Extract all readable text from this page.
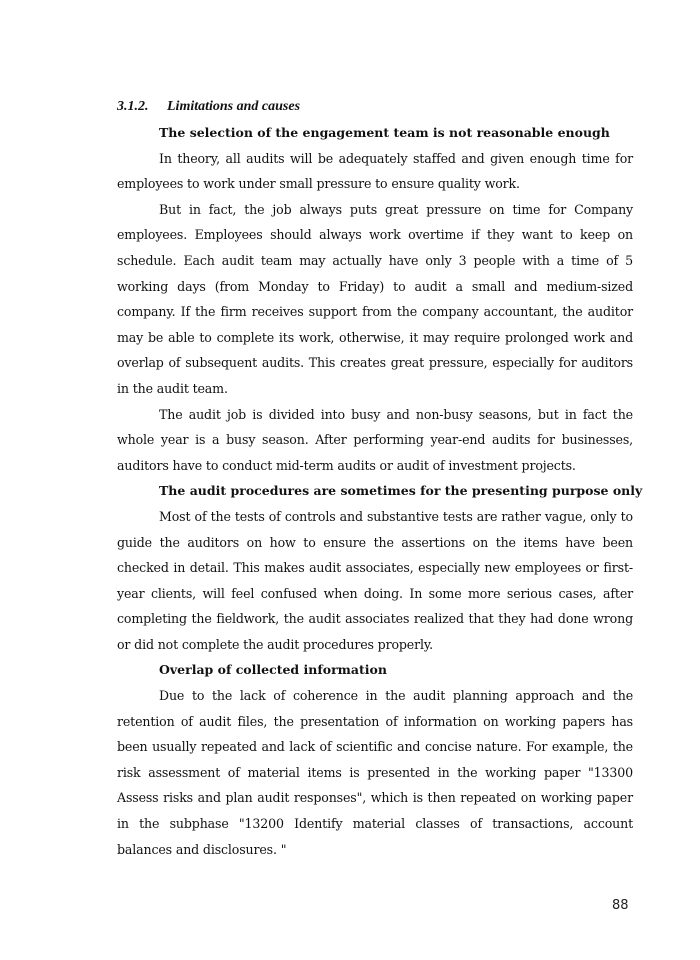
3.1.2. Limitations and causes

The selection of the engagement team is not reasonable enough

In theory, all audits will be adequately staffed and given enough time for employees to work under small pressure to ensure quality work.

But in fact, the job always puts great pressure on time for Company employees. Employees should always work overtime if they want to keep on schedule. Each audit team may actually have only 3 people with a time of 5 working days (from Monday to Friday) to audit a small and medium-sized company. If the firm receives support from the company accountant, the auditor may be able to complete its work, otherwise, it may require prolonged work and overlap of subsequent audits. This creates great pressure, especially for auditors in the audit team.

The audit job is divided into busy and non-busy seasons, but in fact the whole year is a busy season. After performing year-end audits for businesses, auditors have to conduct mid-term audits or audit of investment projects.

The audit procedures are sometimes for the presenting purpose only

Most of the tests of controls and substantive tests are rather vague, only to guide the auditors on how to ensure the assertions on the items have been checked in detail. This makes audit associates, especially new employees or first-year clients, will feel confused when doing. In some more serious cases, after completing the fieldwork, the audit associates realized that they had done wrong or did not complete the audit procedures properly.

Overlap of collected information

Due to the lack of coherence in the audit planning approach and the retention of audit files, the presentation of information on working papers has been usually repeated and lack of scientific and concise nature. For example, the risk assessment of material items is presented in the working paper "13300 Assess risks and plan audit responses", which is then repeated on working paper in the subphase "13200 Identify material classes of transactions, account balances and disclosures. "

88
